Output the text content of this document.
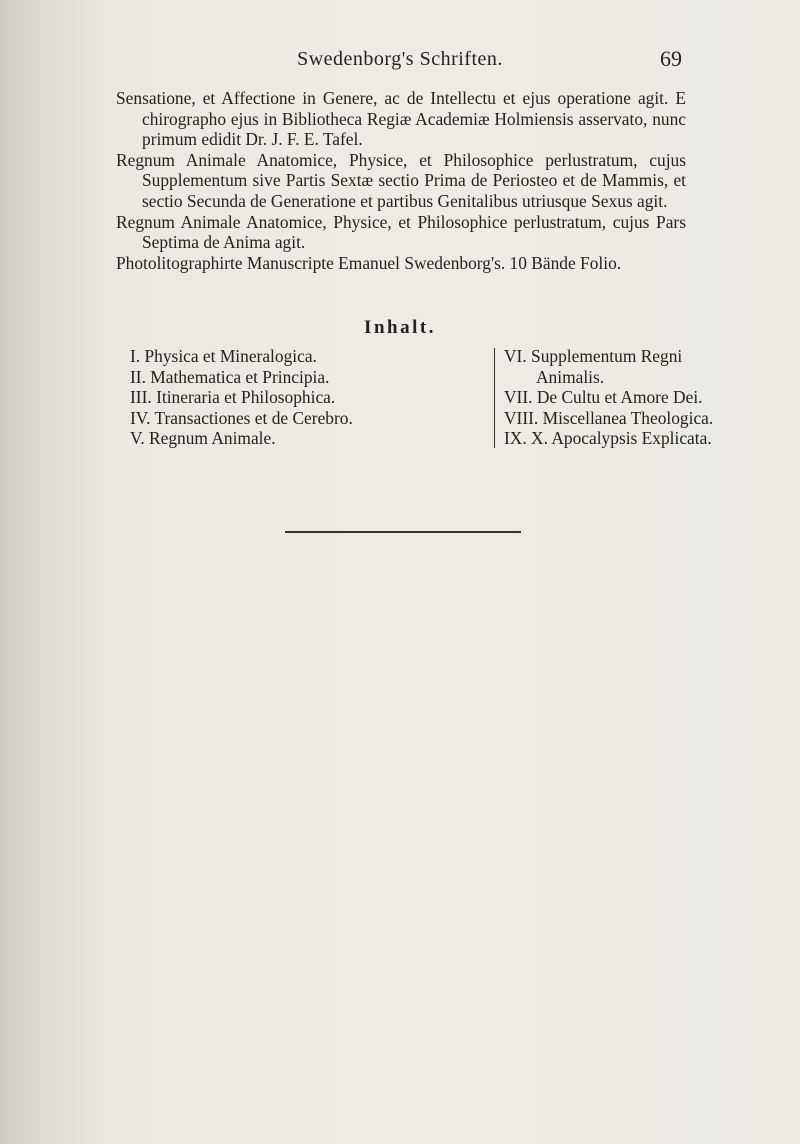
Swedenborg's Schriften.	69

Sensatione, et Affectione in Genere, ac de Intellectu et ejus operatione agit. E chirographo ejus in Bibliotheca Regiæ Academiæ Holmiensis asservato, nunc primum edidit Dr. J. F. E. Tafel.

Regnum Animale Anatomice, Physice, et Philosophice perlustratum, cujus Supplementum sive Partis Sextæ sectio Prima de Periosteo et de Mammis, et sectio Secunda de Generatione et partibus Genitalibus utriusque Sexus agit.

Regnum Animale Anatomice, Physice, et Philosophice perlustratum, cujus Pars Septima de Anima agit.

Photolitographirte Manuscripte Emanuel Swedenborg's. 10 Bände Folio.

Inhalt.

I. Physica et Mineralogica.

II. Mathematica et Principia.

III. Itineraria et Philosophica.

IV. Transactiones et de Cerebro.

V. Regnum Animale.

VI. Supplementum Regni Animalis.

VII. De Cultu et Amore Dei.

VIII. Miscellanea Theologica.

IX. X. Apocalypsis Explicata.
